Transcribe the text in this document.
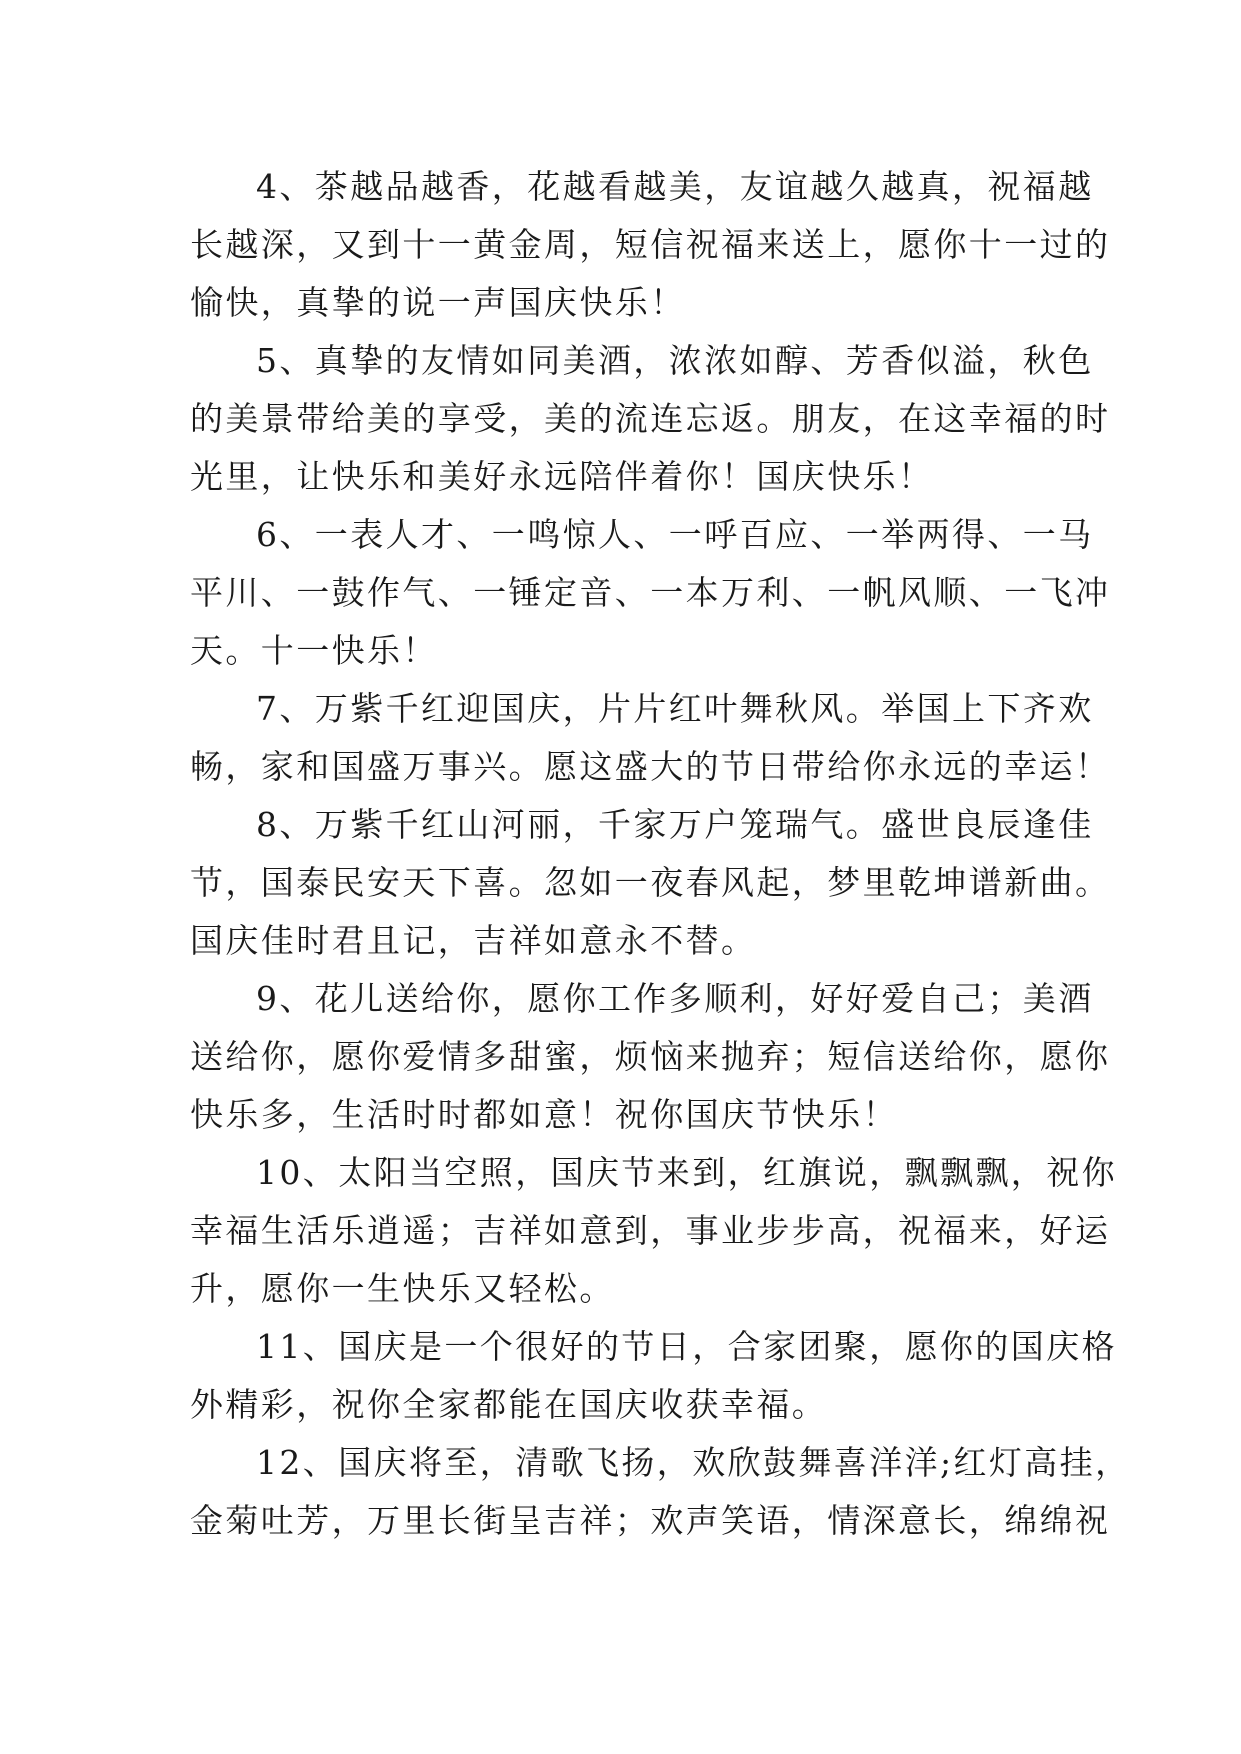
4、茶越品越香，花越看越美，友谊越久越真，祝福越
长越深，又到十一黄金周，短信祝福来送上，愿你十一过的
愉快，真挚的说一声国庆快乐！

5、真挚的友情如同美酒，浓浓如醇、芳香似溢，秋色
的美景带给美的享受，美的流连忘返。朋友，在这幸福的时
光里，让快乐和美好永远陪伴着你！国庆快乐！

6、一表人才、一鸣惊人、一呼百应、一举两得、一马
平川、一鼓作气、一锤定音、一本万利、一帆风顺、一飞冲
天。十一快乐！

7、万紫千红迎国庆，片片红叶舞秋风。举国上下齐欢
畅，家和国盛万事兴。愿这盛大的节日带给你永远的幸运！

8、万紫千红山河丽，千家万户笼瑞气。盛世良辰逢佳
节，国泰民安天下喜。忽如一夜春风起，梦里乾坤谱新曲。
国庆佳时君且记，吉祥如意永不替。

9、花儿送给你，愿你工作多顺利，好好爱自己；美酒
送给你，愿你爱情多甜蜜，烦恼来抛弃；短信送给你，愿你
快乐多，生活时时都如意！祝你国庆节快乐！

10、太阳当空照，国庆节来到，红旗说，飘飘飘，祝你
幸福生活乐逍遥；吉祥如意到，事业步步高，祝福来，好运
升，愿你一生快乐又轻松。

11、国庆是一个很好的节日，合家团聚，愿你的国庆格
外精彩，祝你全家都能在国庆收获幸福。

12、国庆将至，清歌飞扬，欢欣鼓舞喜洋洋;红灯高挂，
金菊吐芳，万里长街呈吉祥；欢声笑语，情深意长，绵绵祝
